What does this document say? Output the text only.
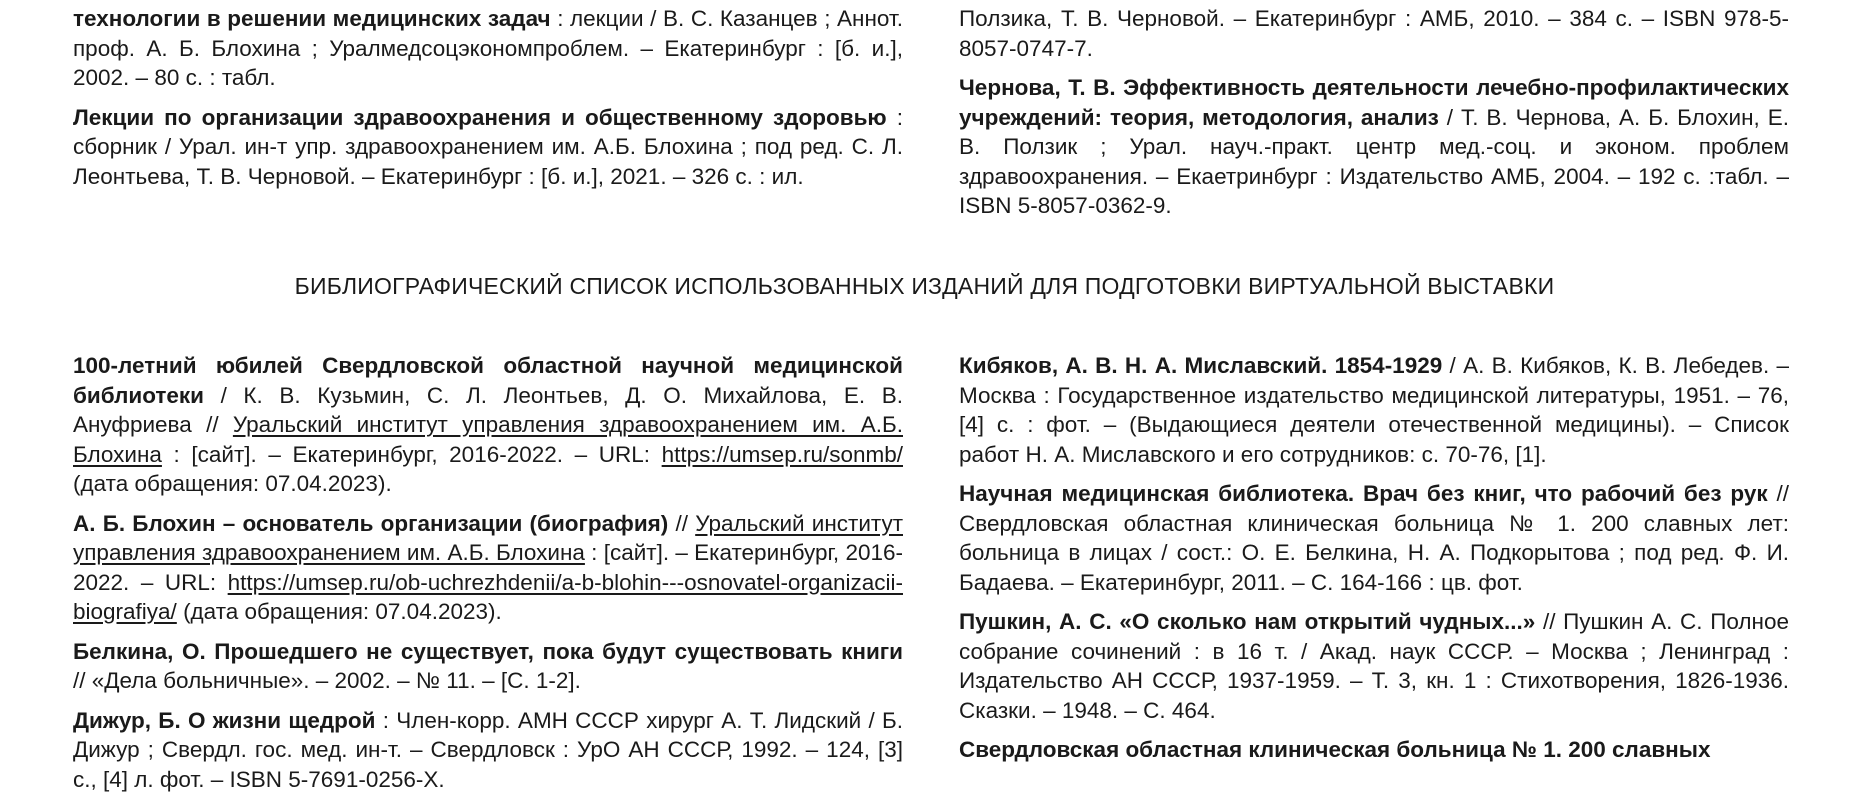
технологии в решении медицинских задач : лекции / В. С. Казанцев ; Аннот. проф. А. Б. Блохина ; Уралмедсоцэкономпроблем. – Екатеринбург : [б. и.], 2002. – 80 с. : табл.

Лекции по организации здравоохранения и общественному здоровью : сборник / Урал. ин-т упр. здравоохранением им. А.Б. Блохина ; под ред. С. Л. Леонтьева, Т. В. Черновой. – Екатеринбург : [б. и.], 2021. – 326 с. : ил.

Ползика, Т. В. Черновой. – Екатеринбург : АМБ, 2010. – 384 с. – ISBN 978-5-8057-0747-7.

Чернова, Т. В. Эффективность деятельности лечебно-профилактических учреждений: теория, методология, анализ / Т. В. Чернова, А. Б. Блохин, Е. В. Ползик ; Урал. науч.-практ. центр мед.-соц. и эконом. проблем здравоохранения. – Екаетринбург : Издательство АМБ, 2004. – 192 с. :табл. – ISBN 5-8057-0362-9.

БИБЛИОГРАФИЧЕСКИЙ СПИСОК ИСПОЛЬЗОВАННЫХ ИЗДАНИЙ ДЛЯ ПОДГОТОВКИ ВИРТУАЛЬНОЙ ВЫСТАВКИ

100-летний юбилей Свердловской областной научной медицинской библиотеки / К. В. Кузьмин, С. Л. Леонтьев, Д. О. Михайлова, Е. В. Ануфриева // Уральский институт управления здравоохранением им. А.Б. Блохина : [сайт]. – Екатеринбург, 2016-2022. – URL: https://umsep.ru/sonmb/ (дата обращения: 07.04.2023).

А. Б. Блохин – основатель организации (биография) // Уральский институт управления здравоохранением им. А.Б. Блохина : [сайт]. – Екатеринбург, 2016-2022. – URL: https://umsep.ru/ob-uchrezhdenii/a-b-blohin---osnovatel-organizacii-biografiya/ (дата обращения: 07.04.2023).

Белкина, О. Прошедшего не существует, пока будут существовать книги // «Дела больничные». – 2002. – № 11. – [С. 1-2].

Дижур, Б. О жизни щедрой : Член-корр. АМН СССР хирург А. Т. Лидский / Б. Дижур ; Свердл. гос. мед. ин-т. – Свердловск : УрО АН СССР, 1992. – 124, [3] с., [4] л. фот. – ISBN 5-7691-0256-X.

Кибяков, А. В. Н. А. Миславский. 1854-1929 / А. В. Кибяков, К. В. Лебедев. – Москва : Государственное издательство медицинской литературы, 1951. – 76, [4] с. : фот. – (Выдающиеся деятели отечественной медицины). – Список работ Н. А. Миславского и его сотрудников: с. 70-76, [1].

Научная медицинская библиотека. Врач без книг, что рабочий без рук // Свердловская областная клиническая больница № 1. 200 славных лет: больница в лицах / сост.: О. Е. Белкина, Н. А. Подкорытова ; под ред. Ф. И. Бадаева. – Екатеринбург, 2011. – С. 164-166 : цв. фот.

Пушкин, А. С. «О сколько нам открытий чудных...» // Пушкин А. С. Полное собрание сочинений : в 16 т. / Акад. наук СССР. – Москва ; Ленинград : Издательство АН СССР, 1937-1959. – Т. 3, кн. 1 : Стихотворения, 1826-1936. Сказки. – 1948. – С. 464.

Свердловская областная клиническая больница № 1. 200 славных
